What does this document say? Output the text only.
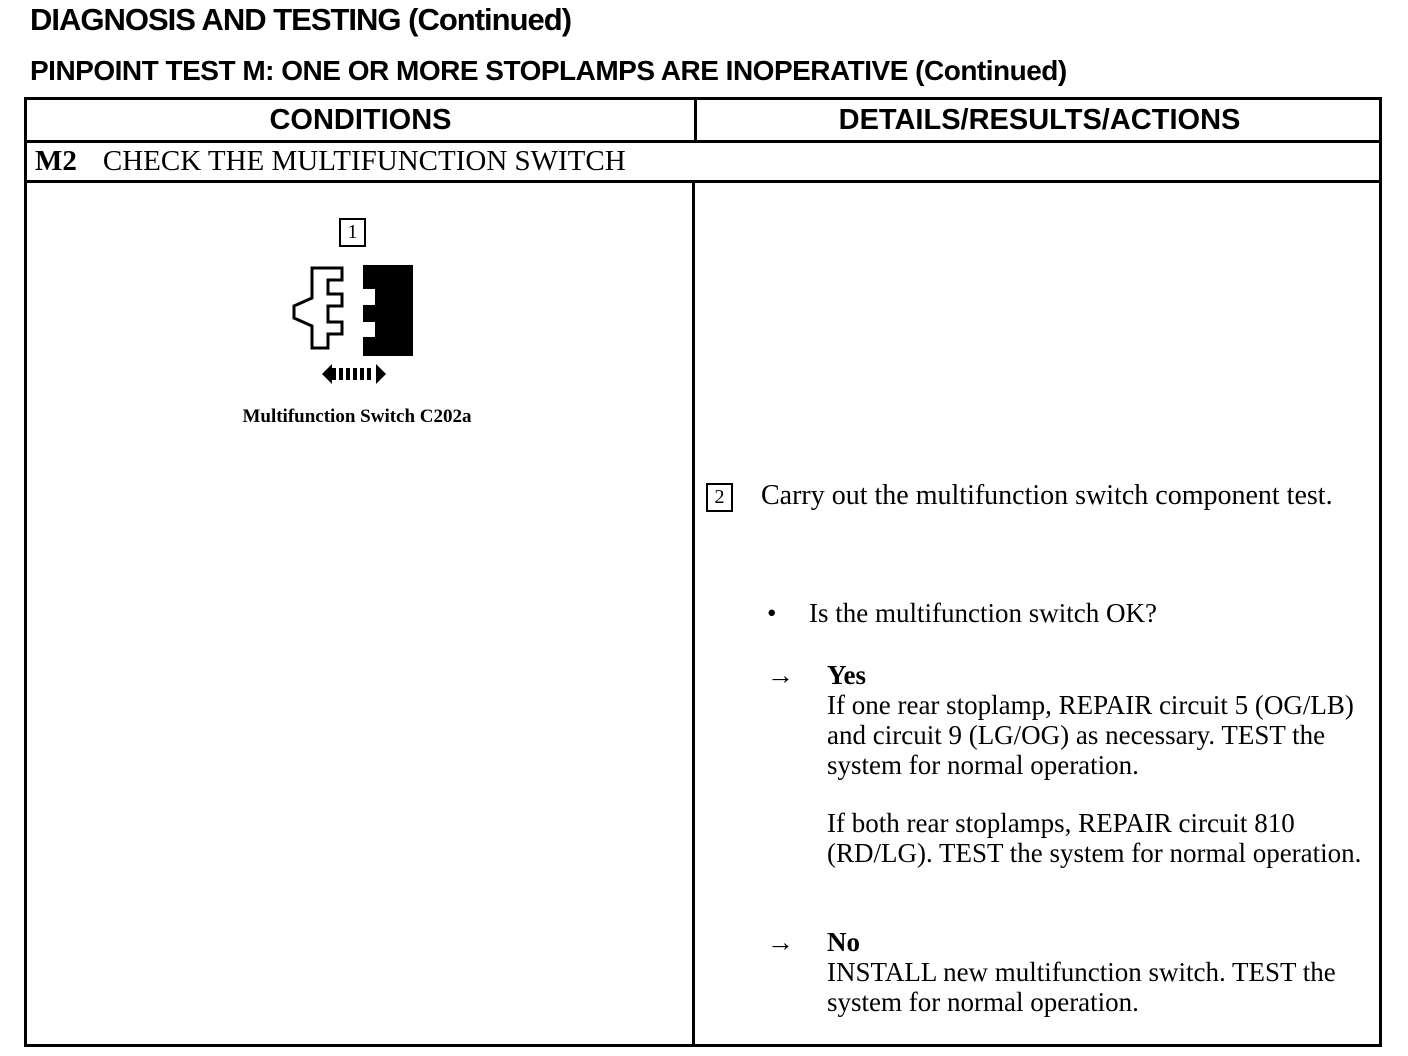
DIAGNOSIS AND TESTING (Continued)
PINPOINT TEST M: ONE OR MORE STOPLAMPS ARE INOPERATIVE (Continued)
CONDITIONS	DETAILS/RESULTS/ACTIONS
M2 CHECK THE MULTIFUNCTION SWITCH
1
Multifunction Switch C202a
2 Carry out the multifunction switch component test.
• Is the multifunction switch OK?
→	Yes

If one rear stoplamp, REPAIR circuit 5 (OG/LB) and circuit 9 (LG/OG) as necessary. TEST the system for normal operation.

If both rear stoplamps, REPAIR circuit 810 (RD/LG). TEST the system for normal operation.

→	No

INSTALL new multifunction switch. TEST the system for normal operation.
